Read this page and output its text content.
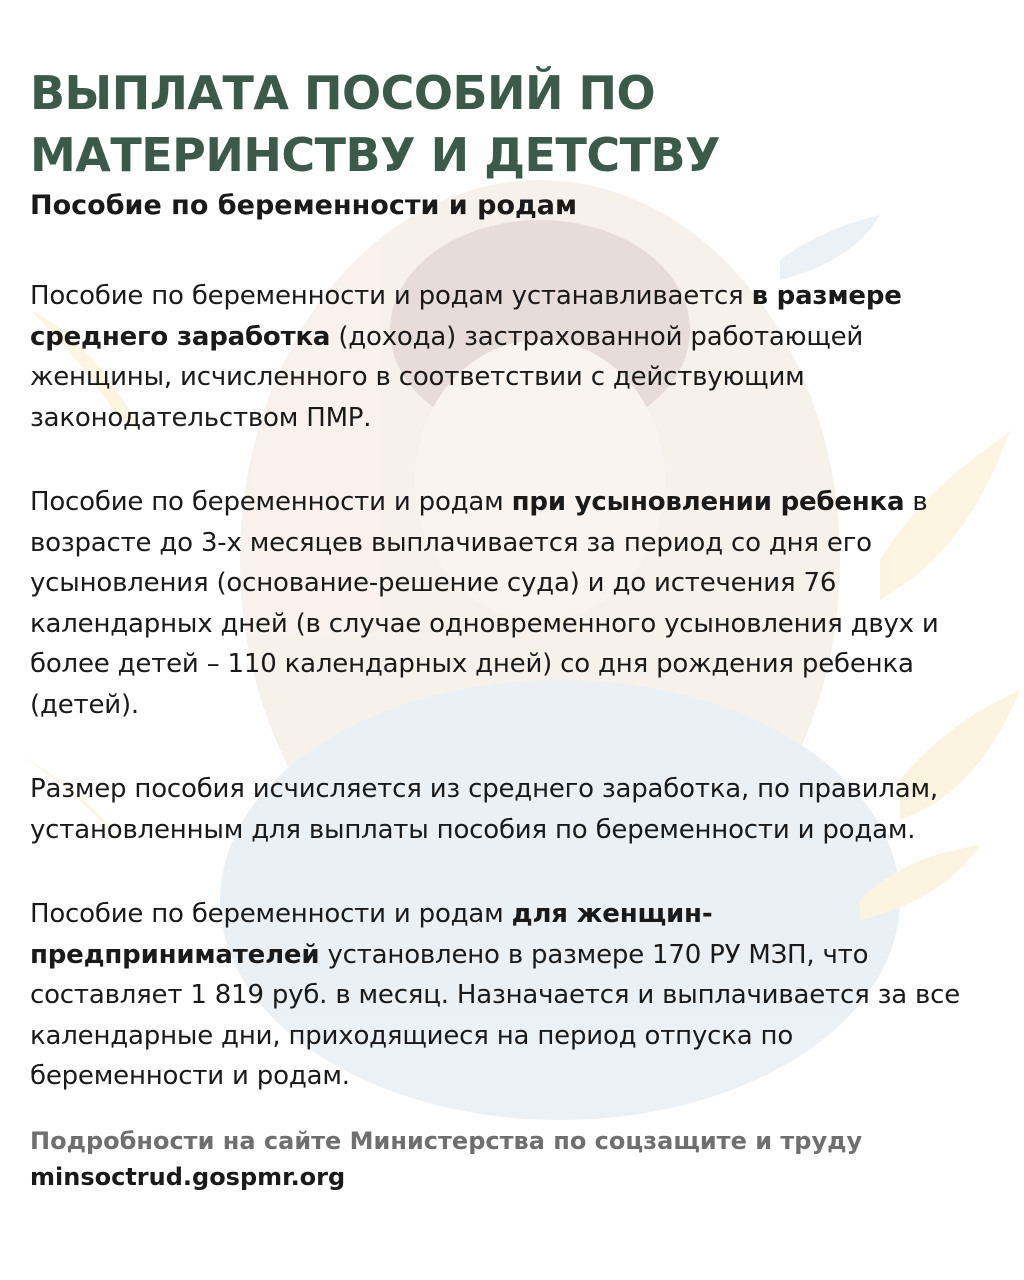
ВЫПЛАТА ПОСОБИЙ ПО
МАТЕРИНСТВУ И ДЕТСТВУ

Пособие по беременности и родам

Пособие по беременности и родам устанавливается в размере среднего заработка (дохода) застрахованной работающей женщины, исчисленного в соответствии с действующим законодательством ПМР.

Пособие по беременности и родам при усыновлении ребенка в возрасте до 3-х месяцев выплачивается за период со дня его усыновления (основание-решение суда) и до истечения 76 календарных дней (в случае одновременного усыновления двух и более детей – 110 календарных дней) со дня рождения ребенка (детей).

Размер пособия исчисляется из среднего заработка, по правилам, установленным для выплаты пособия по беременности и родам.

Пособие по беременности и родам для женщин-предпринимателей установлено в размере 170 РУ МЗП, что составляет 1 819 руб. в месяц. Назначается и выплачивается за все календарные дни, приходящиеся на период отпуска по беременности и родам.

Подробности на сайте Министерства по соцзащите и труду

minsoctrud.gospmr.org
